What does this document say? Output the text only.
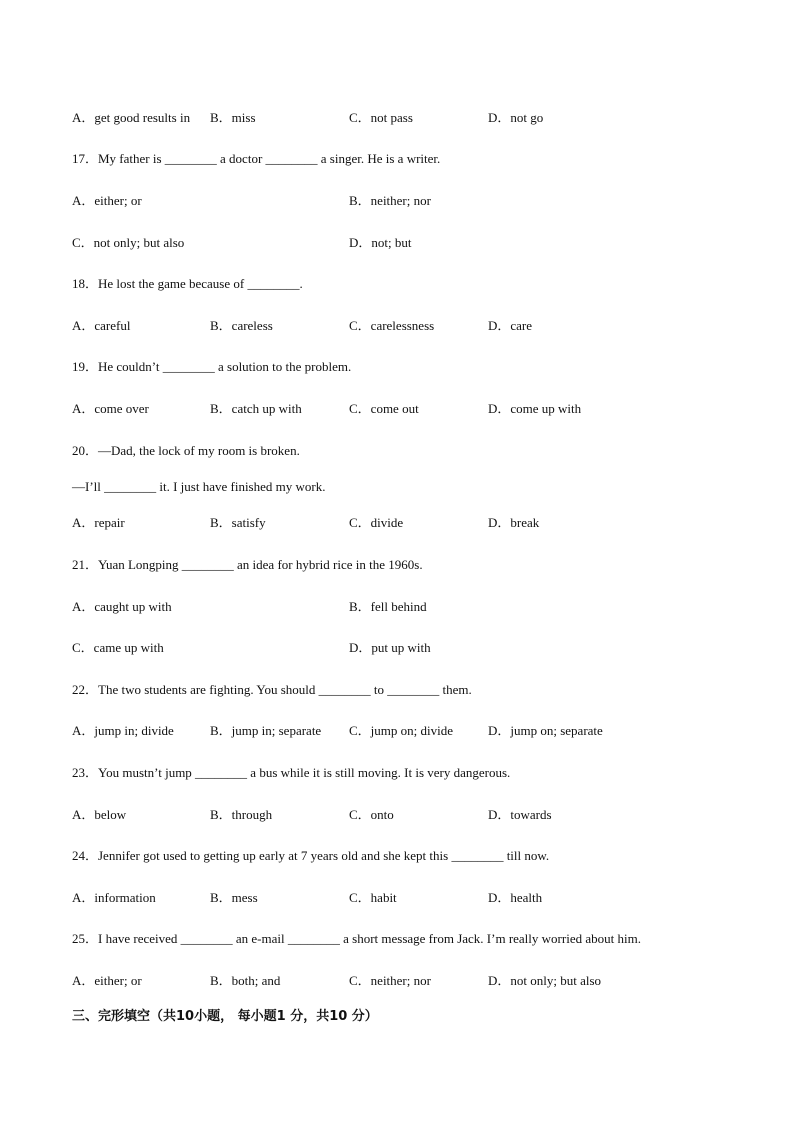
A．get good results in B．miss	C．not pass	D．not go
17．My father is ________ a doctor ________ a singer. He is a writer.
A．either; or	B．neither; nor
C．not only; but also	D．not; but
18．He lost the game because of ________.
A．careful	B．careless	C．carelessness	D．care
19．He couldn’t ________ a solution to the problem.
A．come over	B．catch up with	C．come out	D．come up with
20．—Dad, the lock of my room is broken.
—I’ll ________ it. I just have finished my work.
A．repair	B．satisfy	C．divide	D．break
21．Yuan Longping ________ an idea for hybrid rice in the 1960s.
A．caught up with	B．fell behind
C．came up with	D．put up with
22．The two students are fighting. You should ________ to ________ them.
A．jump in; divide	B．jump in; separate C．jump on; divide	D．jump on; separate
23．You mustn’t jump ________ a bus while it is still moving. It is very dangerous.
A．below	B．through	C．onto	D．towards
24．Jennifer got used to getting up early at 7 years old and she kept this ________ till now.
A．information	B．mess	C．habit	D．health
25．I have received ________ an e-mail ________ a short message from Jack. I’m really worried about him.
A．either; or	B．both; and	C．neither; nor	D．not only; but also
三、完形填空（共10小题， 每小题1 分，共10 分）
